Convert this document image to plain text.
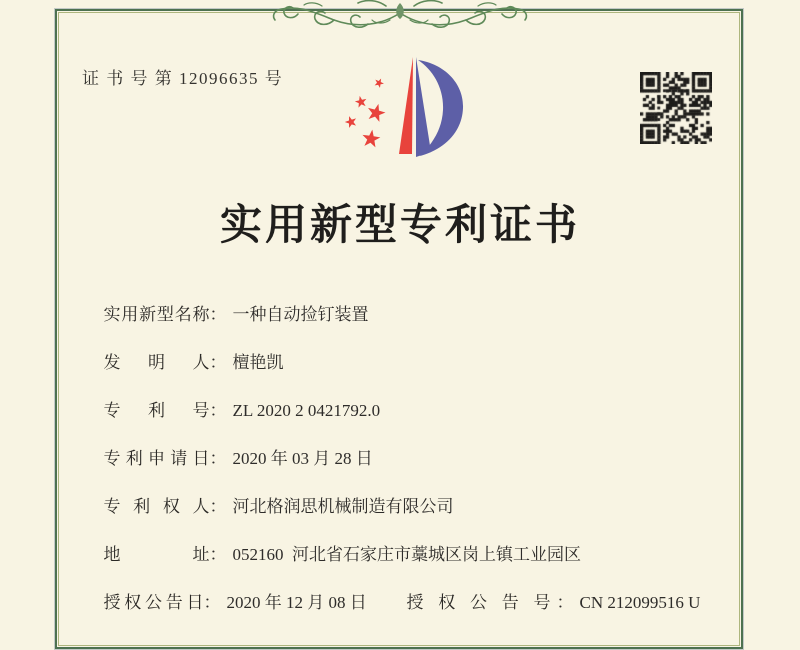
证 书 号 第 12096635 号
实用新型专利证书

实用新型名称： 一种自动捡钉装置

发明人： 檀艳凯

专利号： ZL 2020 2 0421792.0

专利申请日： 2020 年 03 月 28 日

专利权人： 河北格润思机械制造有限公司

地址： 052160  河北省石家庄市藁城区岗上镇工业园区

授权公告日： 2020 年 12 月 08 日	授权公告号： CN 212099516 U
